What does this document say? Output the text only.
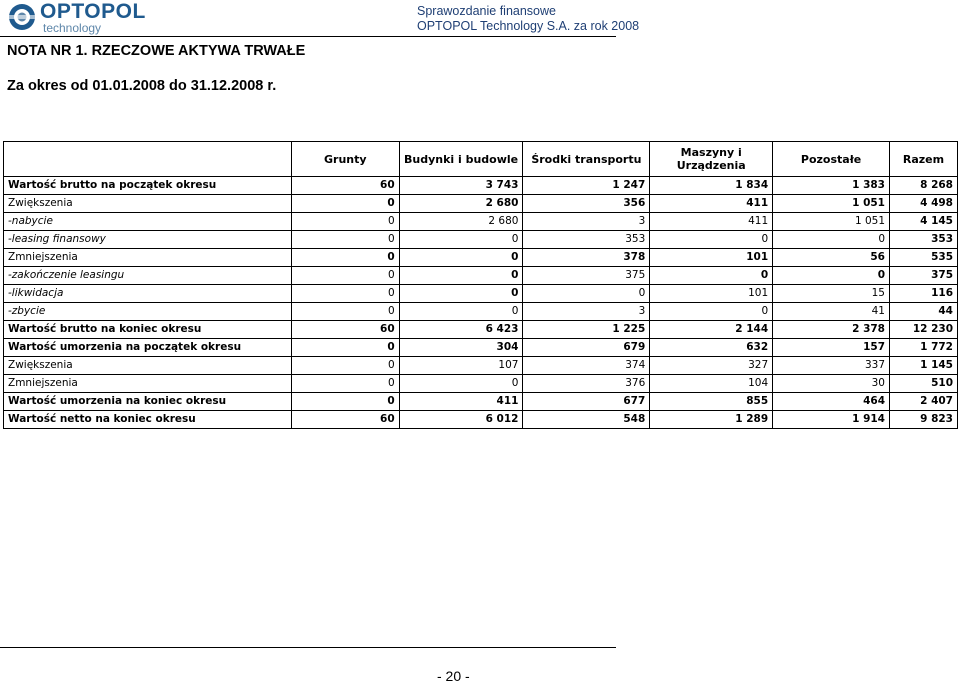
OPTOPOL
technology
Sprawozdanie finansowe
OPTOPOL Technology S.A. za rok 2008
NOTA NR 1. RZECZOWE AKTYWA TRWAŁE
Za okres od 01.01.2008 do 31.12.2008 r.
	Grunty	Budynki i budowle	Środki transportu	Maszyny i Urządzenia	Pozostałe	Razem
Wartość brutto na początek okresu	60	3 743	1 247	1 834	1 383	8 268
Zwiększenia	0	2 680	356	411	1 051	4 498
-nabycie	0	2 680	3	411	1 051	4 145
-leasing finansowy	0	0	353	0	0	353
Zmniejszenia	0	0	378	101	56	535
-zakończenie leasingu	0	0	375	0	0	375
-likwidacja	0	0	0	101	15	116
-zbycie	0	0	3	0	41	44
Wartość brutto na koniec okresu	60	6 423	1 225	2 144	2 378	12 230
Wartość umorzenia na początek okresu	0	304	679	632	157	1 772
Zwiększenia	0	107	374	327	337	1 145
Zmniejszenia	0	0	376	104	30	510
Wartość umorzenia na koniec okresu	0	411	677	855	464	2 407
Wartość netto na koniec okresu	60	6 012	548	1 289	1 914	9 823
- 20 -
